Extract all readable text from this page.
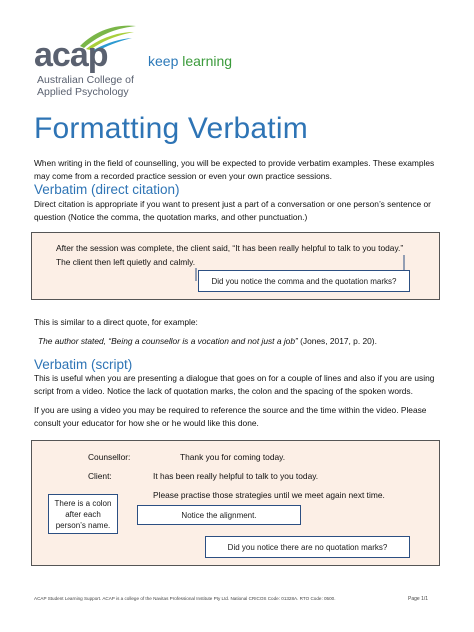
acap
Australian College of
Applied Psychology
keep learning
Formatting Verbatim
When writing in the field of counselling, you will be expected to provide verbatim examples. These examples may come from a recorded practice session or even your own practice sessions.
Verbatim (direct citation)
Direct citation is appropriate if you want to present just a part of a conversation or one person’s sentence or question (Notice the comma, the quotation marks, and other punctuation.)
After the session was complete, the client said, “It has been really helpful to talk to you today.”
The client then left quietly and calmly.
Did you notice the comma and the quotation marks?
This is similar to a direct quote, for example:
The author stated, “Being a counsellor is a vocation and not just a job” (Jones, 2017, p. 20).
Verbatim (script)
This is useful when you are presenting a dialogue that goes on for a couple of lines and also if you are using script from a video. Notice the lack of quotation marks, the colon and the spacing of the spoken words.
If you are using a video you may be required to reference the source and the time within the video. Please consult your educator for how she or he would like this done.
Counsellor:	Thank you for coming today.
Client:	It has been really helpful to talk to you today.
Please practise those strategies until we meet again next time.
There is a colon after each person’s name.
Notice the alignment.
Did you notice there are no quotation marks?
ACAP Student Learning Support. ACAP is a college of the Navitas Professional Institute Pty Ltd. National CRICOS Code: 01328A. RTO Code: 0500.	Page 1/1
